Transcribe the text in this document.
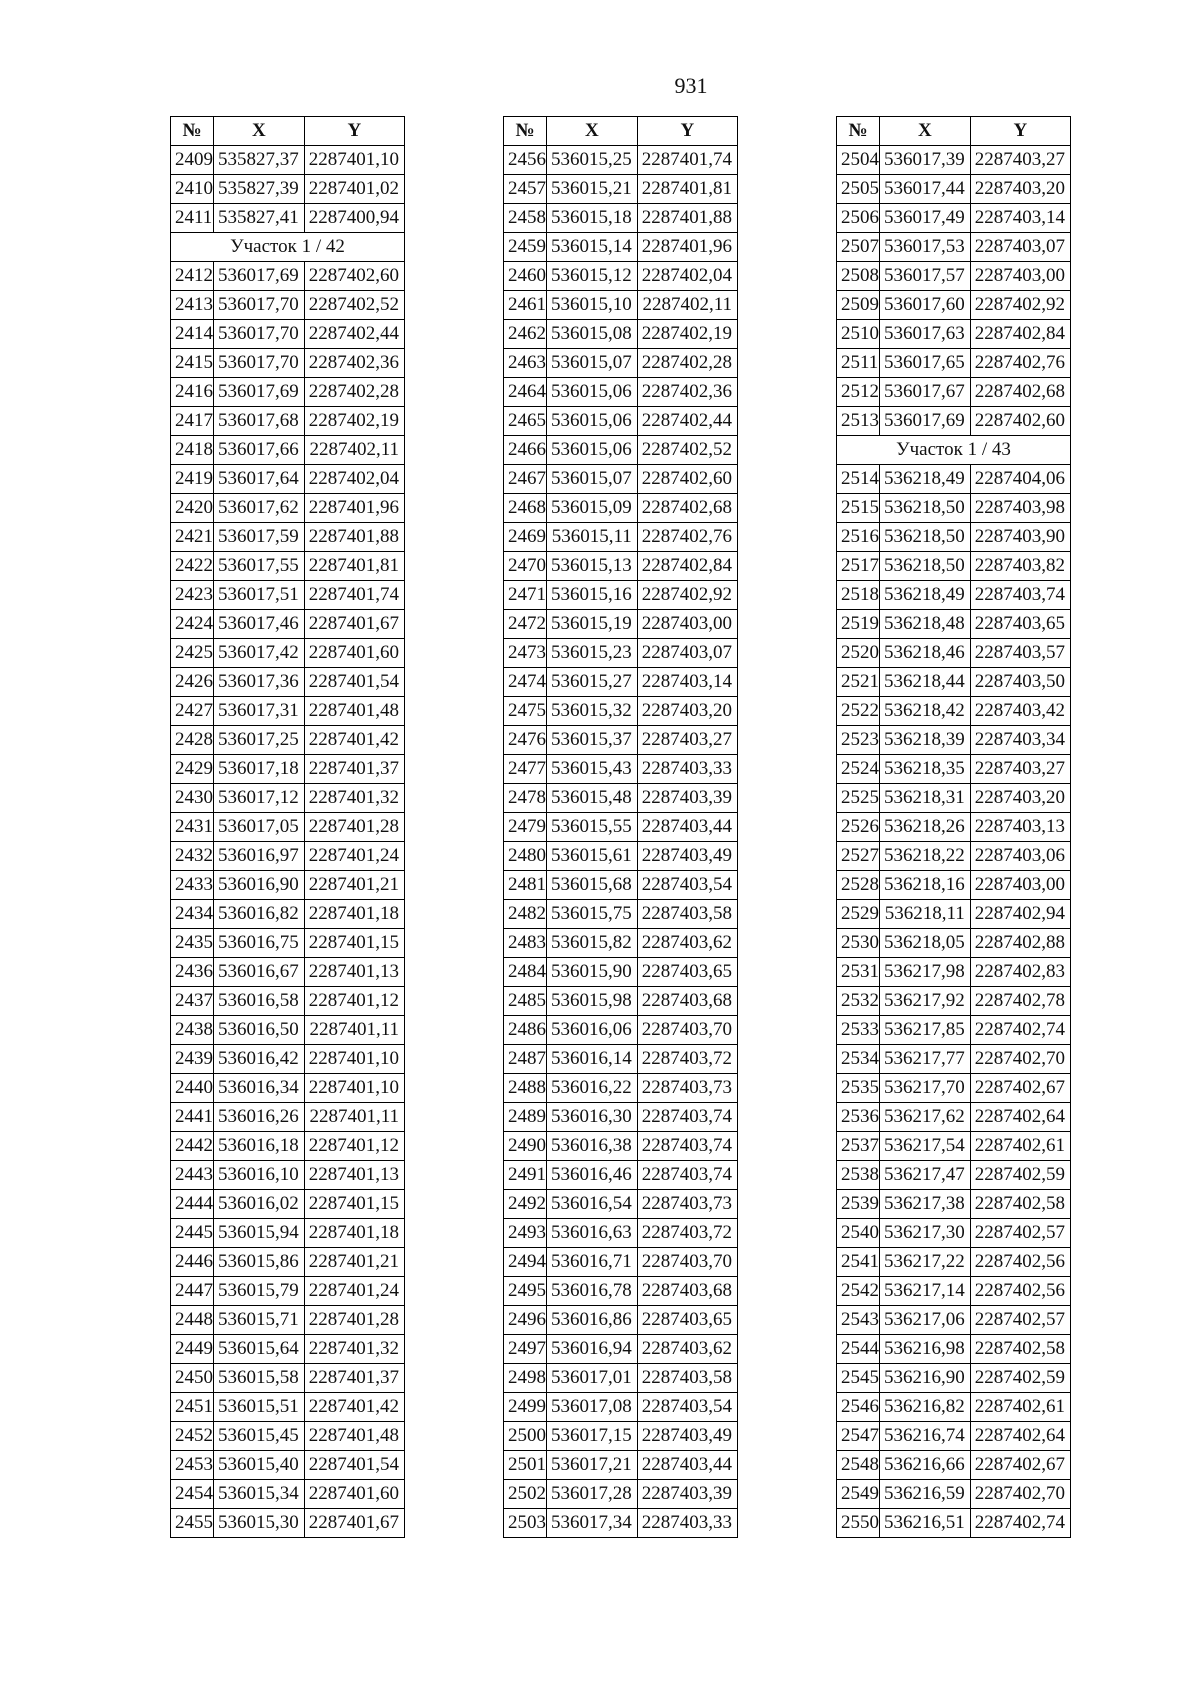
931
№	X	Y
2409	535827,37	2287401,10
2410	535827,39	2287401,02
2411	535827,41	2287400,94
Участок 1 / 42		
2412	536017,69	2287402,60
2413	536017,70	2287402,52
2414	536017,70	2287402,44
2415	536017,70	2287402,36
2416	536017,69	2287402,28
2417	536017,68	2287402,19
2418	536017,66	2287402,11
2419	536017,64	2287402,04
2420	536017,62	2287401,96
2421	536017,59	2287401,88
2422	536017,55	2287401,81
2423	536017,51	2287401,74
2424	536017,46	2287401,67
2425	536017,42	2287401,60
2426	536017,36	2287401,54
2427	536017,31	2287401,48
2428	536017,25	2287401,42
2429	536017,18	2287401,37
2430	536017,12	2287401,32
2431	536017,05	2287401,28
2432	536016,97	2287401,24
2433	536016,90	2287401,21
2434	536016,82	2287401,18
2435	536016,75	2287401,15
2436	536016,67	2287401,13
2437	536016,58	2287401,12
2438	536016,50	2287401,11
2439	536016,42	2287401,10
2440	536016,34	2287401,10
2441	536016,26	2287401,11
2442	536016,18	2287401,12
2443	536016,10	2287401,13
2444	536016,02	2287401,15
2445	536015,94	2287401,18
2446	536015,86	2287401,21
2447	536015,79	2287401,24
2448	536015,71	2287401,28
2449	536015,64	2287401,32
2450	536015,58	2287401,37
2451	536015,51	2287401,42
2452	536015,45	2287401,48
2453	536015,40	2287401,54
2454	536015,34	2287401,60
2455	536015,30	2287401,67
№	X	Y
2456	536015,25	2287401,74
2457	536015,21	2287401,81
2458	536015,18	2287401,88
2459	536015,14	2287401,96
2460	536015,12	2287402,04
2461	536015,10	2287402,11
2462	536015,08	2287402,19
2463	536015,07	2287402,28
2464	536015,06	2287402,36
2465	536015,06	2287402,44
2466	536015,06	2287402,52
2467	536015,07	2287402,60
2468	536015,09	2287402,68
2469	536015,11	2287402,76
2470	536015,13	2287402,84
2471	536015,16	2287402,92
2472	536015,19	2287403,00
2473	536015,23	2287403,07
2474	536015,27	2287403,14
2475	536015,32	2287403,20
2476	536015,37	2287403,27
2477	536015,43	2287403,33
2478	536015,48	2287403,39
2479	536015,55	2287403,44
2480	536015,61	2287403,49
2481	536015,68	2287403,54
2482	536015,75	2287403,58
2483	536015,82	2287403,62
2484	536015,90	2287403,65
2485	536015,98	2287403,68
2486	536016,06	2287403,70
2487	536016,14	2287403,72
2488	536016,22	2287403,73
2489	536016,30	2287403,74
2490	536016,38	2287403,74
2491	536016,46	2287403,74
2492	536016,54	2287403,73
2493	536016,63	2287403,72
2494	536016,71	2287403,70
2495	536016,78	2287403,68
2496	536016,86	2287403,65
2497	536016,94	2287403,62
2498	536017,01	2287403,58
2499	536017,08	2287403,54
2500	536017,15	2287403,49
2501	536017,21	2287403,44
2502	536017,28	2287403,39
2503	536017,34	2287403,33
№	X	Y
2504	536017,39	2287403,27
2505	536017,44	2287403,20
2506	536017,49	2287403,14
2507	536017,53	2287403,07
2508	536017,57	2287403,00
2509	536017,60	2287402,92
2510	536017,63	2287402,84
2511	536017,65	2287402,76
2512	536017,67	2287402,68
2513	536017,69	2287402,60
Участок 1 / 43		
2514	536218,49	2287404,06
2515	536218,50	2287403,98
2516	536218,50	2287403,90
2517	536218,50	2287403,82
2518	536218,49	2287403,74
2519	536218,48	2287403,65
2520	536218,46	2287403,57
2521	536218,44	2287403,50
2522	536218,42	2287403,42
2523	536218,39	2287403,34
2524	536218,35	2287403,27
2525	536218,31	2287403,20
2526	536218,26	2287403,13
2527	536218,22	2287403,06
2528	536218,16	2287403,00
2529	536218,11	2287402,94
2530	536218,05	2287402,88
2531	536217,98	2287402,83
2532	536217,92	2287402,78
2533	536217,85	2287402,74
2534	536217,77	2287402,70
2535	536217,70	2287402,67
2536	536217,62	2287402,64
2537	536217,54	2287402,61
2538	536217,47	2287402,59
2539	536217,38	2287402,58
2540	536217,30	2287402,57
2541	536217,22	2287402,56
2542	536217,14	2287402,56
2543	536217,06	2287402,57
2544	536216,98	2287402,58
2545	536216,90	2287402,59
2546	536216,82	2287402,61
2547	536216,74	2287402,64
2548	536216,66	2287402,67
2549	536216,59	2287402,70
2550	536216,51	2287402,74
